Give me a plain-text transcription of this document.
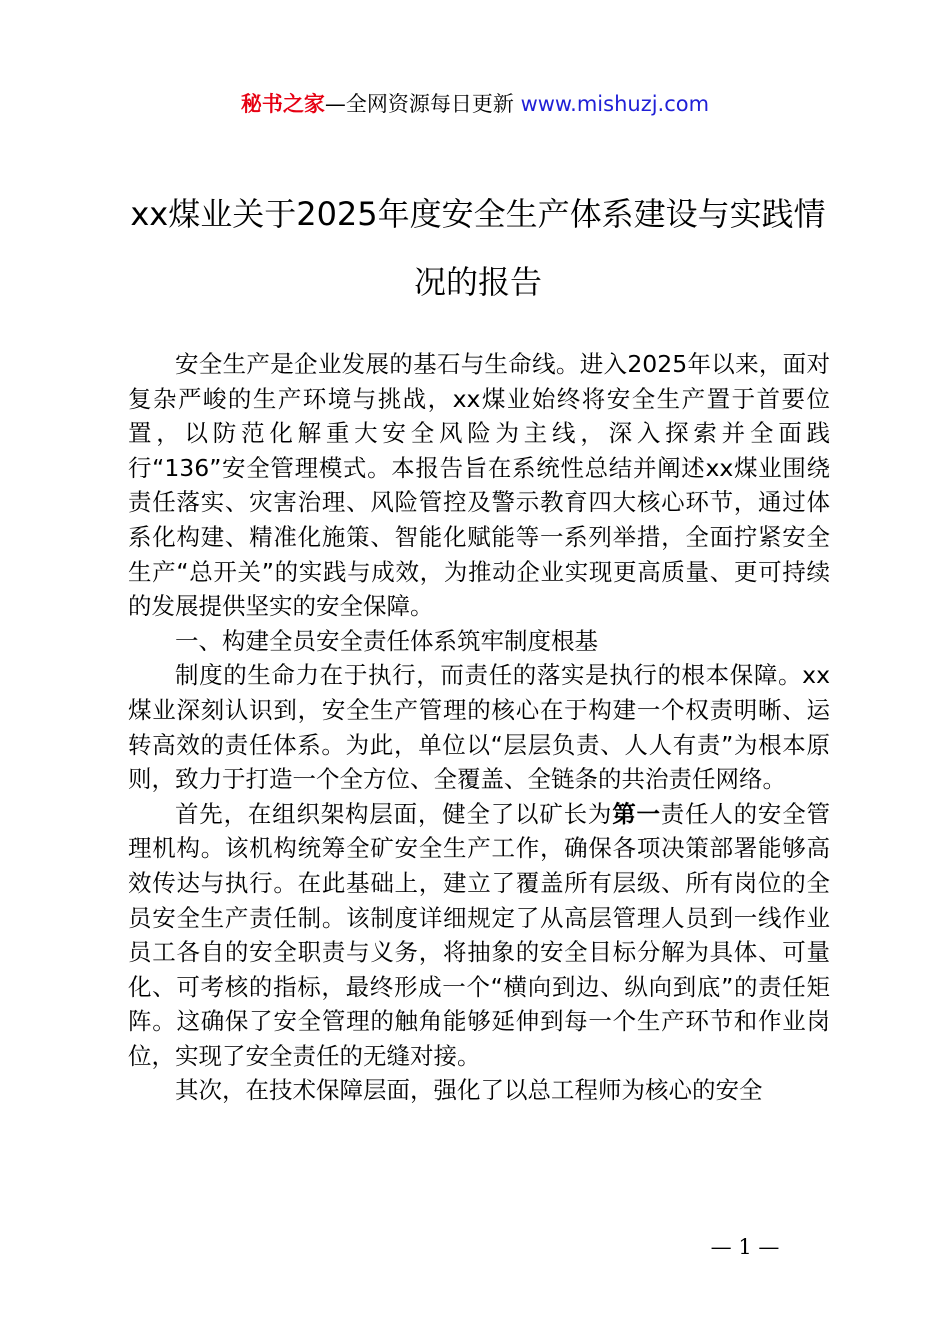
秘书之家—全网资源每日更新 www.mishuzj.com
xx煤业关于2025年度安全生产体系建设与实践情况的报告

安全生产是企业发展的基石与生命线。进入2025年以来，面对复杂严峻的生产环境与挑战，xx煤业始终将安全生产置于首要位置，以防范化解重大安全风险为主线，深入探索并全面践行“136”安全管理模式。本报告旨在系统性总结并阐述xx煤业围绕责任落实、灾害治理、风险管控及警示教育四大核心环节，通过体系化构建、精准化施策、智能化赋能等一系列举措，全面拧紧安全生产“总开关”的实践与成效，为推动企业实现更高质量、更可持续的发展提供坚实的安全保障。

一、构建全员安全责任体系筑牢制度根基

制度的生命力在于执行，而责任的落实是执行的根本保障。xx煤业深刻认识到，安全生产管理的核心在于构建一个权责明晰、运转高效的责任体系。为此，单位以“层层负责、人人有责”为根本原则，致力于打造一个全方位、全覆盖、全链条的共治责任网络。

首先，在组织架构层面，健全了以矿长为第一责任人的安全管理机构。该机构统筹全矿安全生产工作，确保各项决策部署能够高效传达与执行。在此基础上，建立了覆盖所有层级、所有岗位的全员安全生产责任制。该制度详细规定了从高层管理人员到一线作业员工各自的安全职责与义务，将抽象的安全目标分解为具体、可量化、可考核的指标，最终形成一个“横向到边、纵向到底”的责任矩阵。这确保了安全管理的触角能够延伸到每一个生产环节和作业岗位，实现了安全责任的无缝对接。

其次，在技术保障层面，强化了以总工程师为核心的安全

— 1 —
